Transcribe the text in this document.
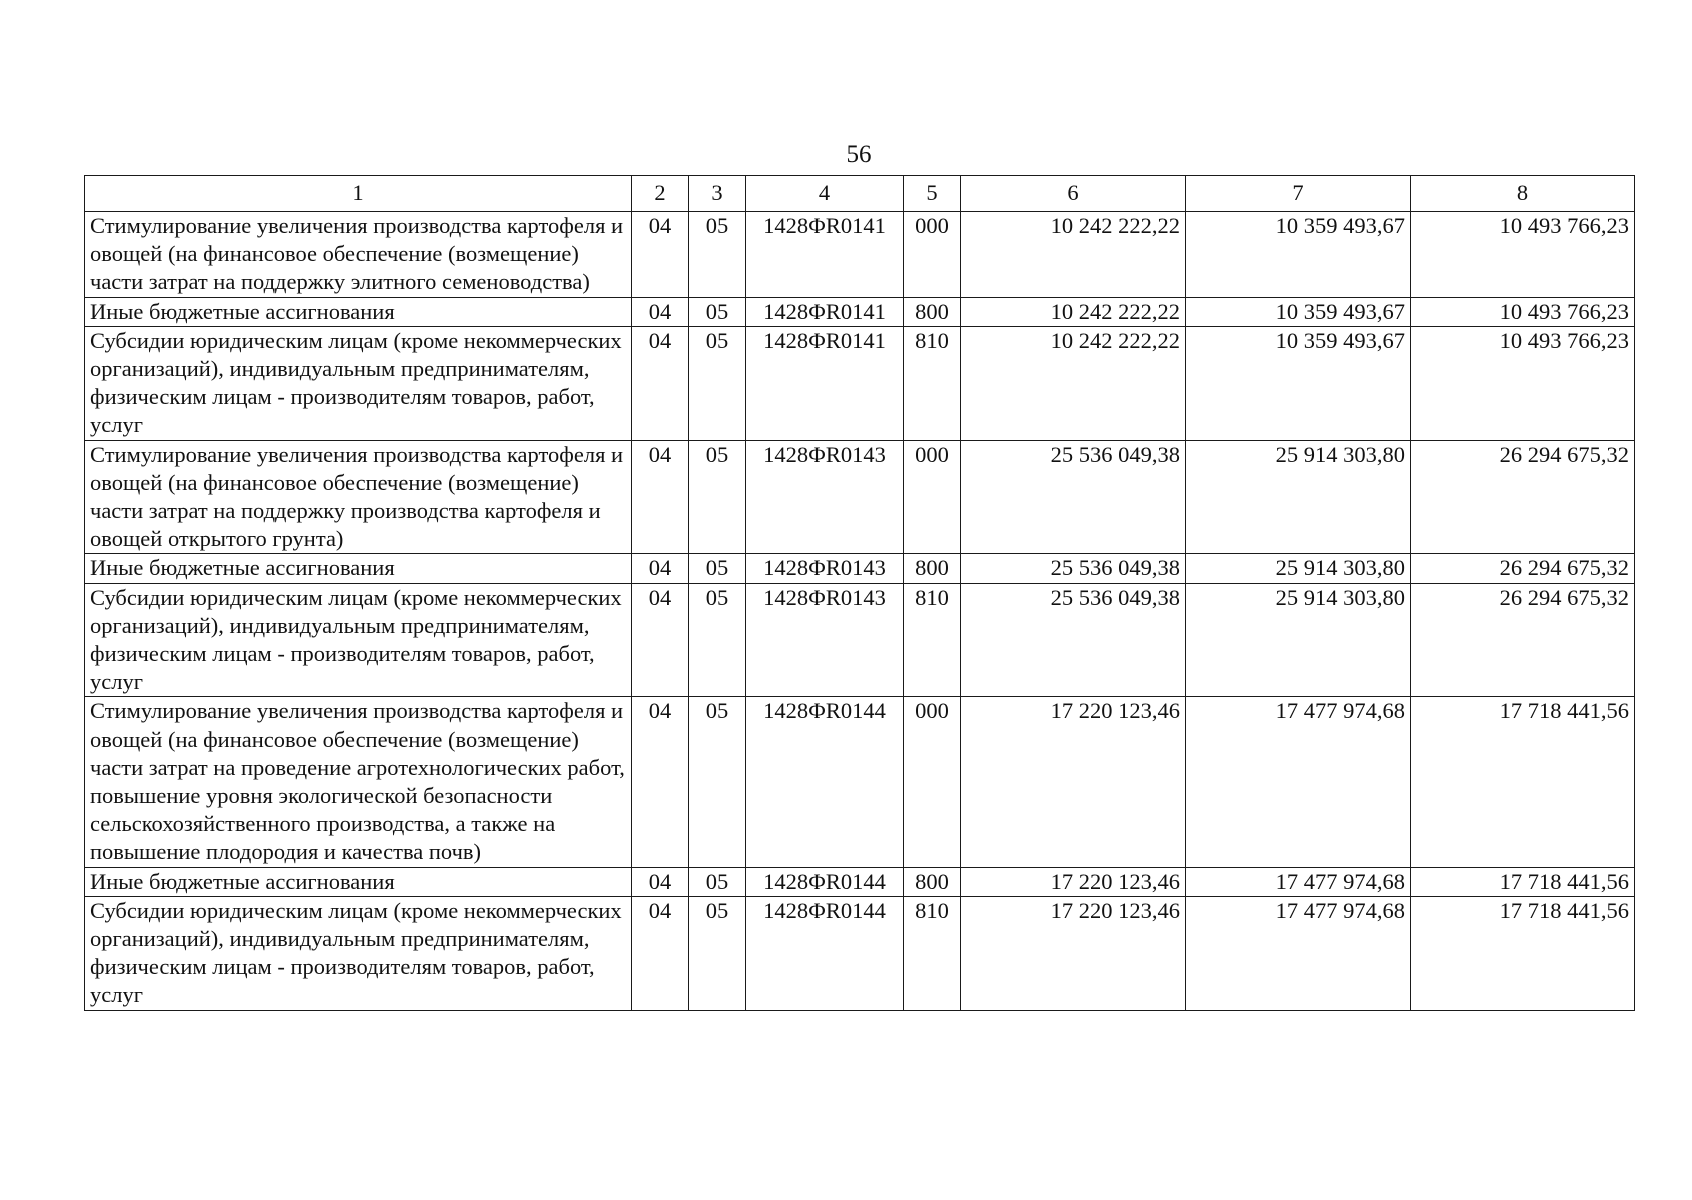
56
1	2	3	4	5	6	7	8
Стимулирование увеличения производства картофеля и овощей (на финансовое обеспечение (возмещение) части затрат на поддержку элитного семеноводства)	04	05	1428ФR0141	000	10 242 222,22	10 359 493,67	10 493 766,23
Иные бюджетные ассигнования	04	05	1428ФR0141	800	10 242 222,22	10 359 493,67	10 493 766,23
Субсидии юридическим лицам (кроме некоммерческих организаций), индивидуальным предпринимателям, физическим лицам - производителям товаров, работ, услуг	04	05	1428ФR0141	810	10 242 222,22	10 359 493,67	10 493 766,23
Стимулирование увеличения производства картофеля и овощей (на финансовое обеспечение (возмещение) части затрат на поддержку производства картофеля и овощей открытого грунта)	04	05	1428ФR0143	000	25 536 049,38	25 914 303,80	26 294 675,32
Иные бюджетные ассигнования	04	05	1428ФR0143	800	25 536 049,38	25 914 303,80	26 294 675,32
Субсидии юридическим лицам (кроме некоммерческих организаций), индивидуальным предпринимателям, физическим лицам - производителям товаров, работ, услуг	04	05	1428ФR0143	810	25 536 049,38	25 914 303,80	26 294 675,32
Стимулирование увеличения производства картофеля и овощей (на финансовое обеспечение (возмещение) части затрат на проведение агротехнологических работ, повышение уровня экологической безопасности сельскохозяйственного производства, а также на повышение плодородия и качества почв)	04	05	1428ФR0144	000	17 220 123,46	17 477 974,68	17 718 441,56
Иные бюджетные ассигнования	04	05	1428ФR0144	800	17 220 123,46	17 477 974,68	17 718 441,56
Субсидии юридическим лицам (кроме некоммерческих организаций), индивидуальным предпринимателям, физическим лицам - производителям товаров, работ, услуг	04	05	1428ФR0144	810	17 220 123,46	17 477 974,68	17 718 441,56
